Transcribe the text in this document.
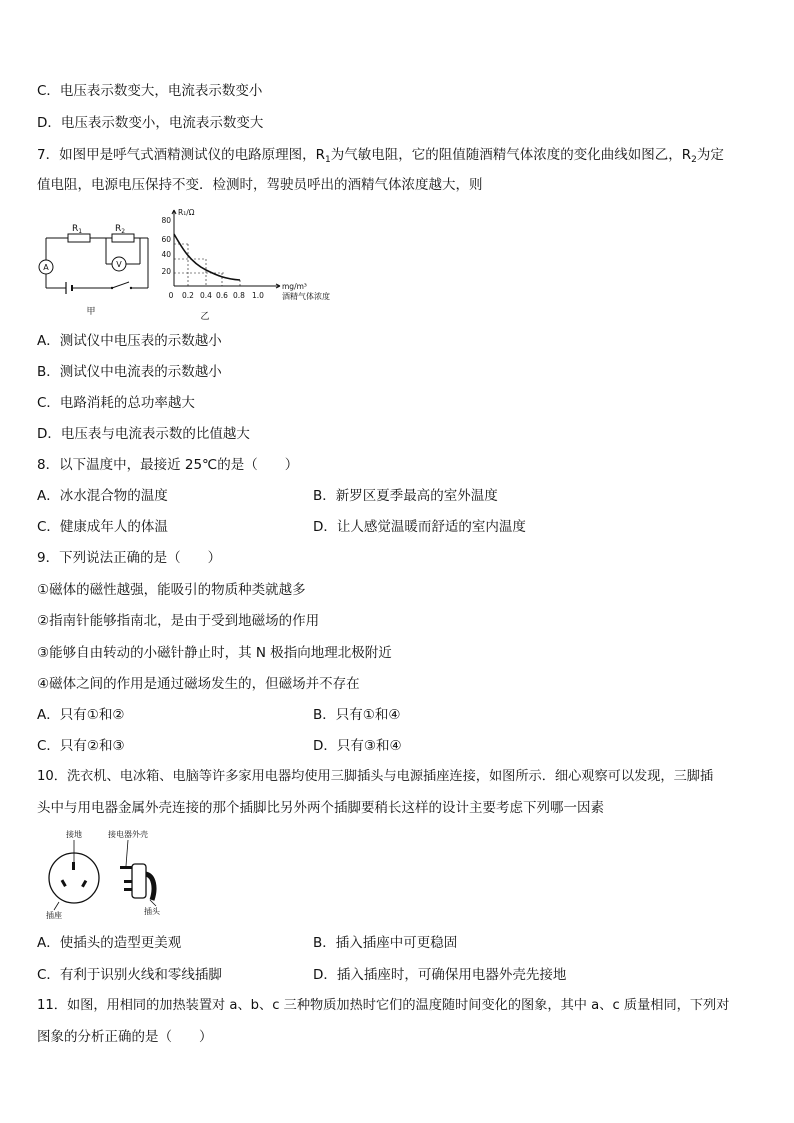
C．电压表示数变大，电流表示数变小
D．电压表示数变小，电流表示数变大
7．如图甲是呼气式酒精测试仪的电路原理图，$R_1$为气敏电阻，它的阻值随酒精气体浓度的变化曲线如图乙，$R_2$为定
值电阻，电源电压保持不变．检测时，驾驶员呼出的酒精气体浓度越大，则
$R_1$	$R_2$
A	V
甲
R₁/Ω
80
60
40
20
0 0.2 0.4 0.6 0.8 1.0
mg/m³
酒精气体浓度
乙
A．测试仪中电压表的示数越小
B．测试仪中电流表的示数越小
C．电路消耗的总功率越大
D．电压表与电流表示数的比值越大
8．以下温度中，最接近 25℃的是（　　）
A．冰水混合物的温度	B．新罗区夏季最高的室外温度
C．健康成年人的体温	D．让人感觉温暖而舒适的室内温度
9．下列说法正确的是（　　）
①磁体的磁性越强，能吸引的物质种类就越多
②指南针能够指南北，是由于受到地磁场的作用
③能够自由转动的小磁针静止时，其 N 极指向地理北极附近
④磁体之间的作用是通过磁场发生的，但磁场并不存在
A．只有①和②	B．只有①和④
C．只有②和③	D．只有③和④
10．洗衣机、电冰箱、电脑等许多家用电器均使用三脚插头与电源插座连接，如图所示．细心观察可以发现，三脚插
头中与用电器金属外壳连接的那个插脚比另外两个插脚要稍长这样的设计主要考虑下列哪一因素
接地	接电器外壳
插座	插头
A．使插头的造型更美观	B．插入插座中可更稳固
C．有利于识别火线和零线插脚	D．插入插座时，可确保用电器外壳先接地
11．如图，用相同的加热装置对 a、b、c 三种物质加热时它们的温度随时间变化的图象，其中 a、c 质量相同，下列对
图象的分析正确的是（　　）
